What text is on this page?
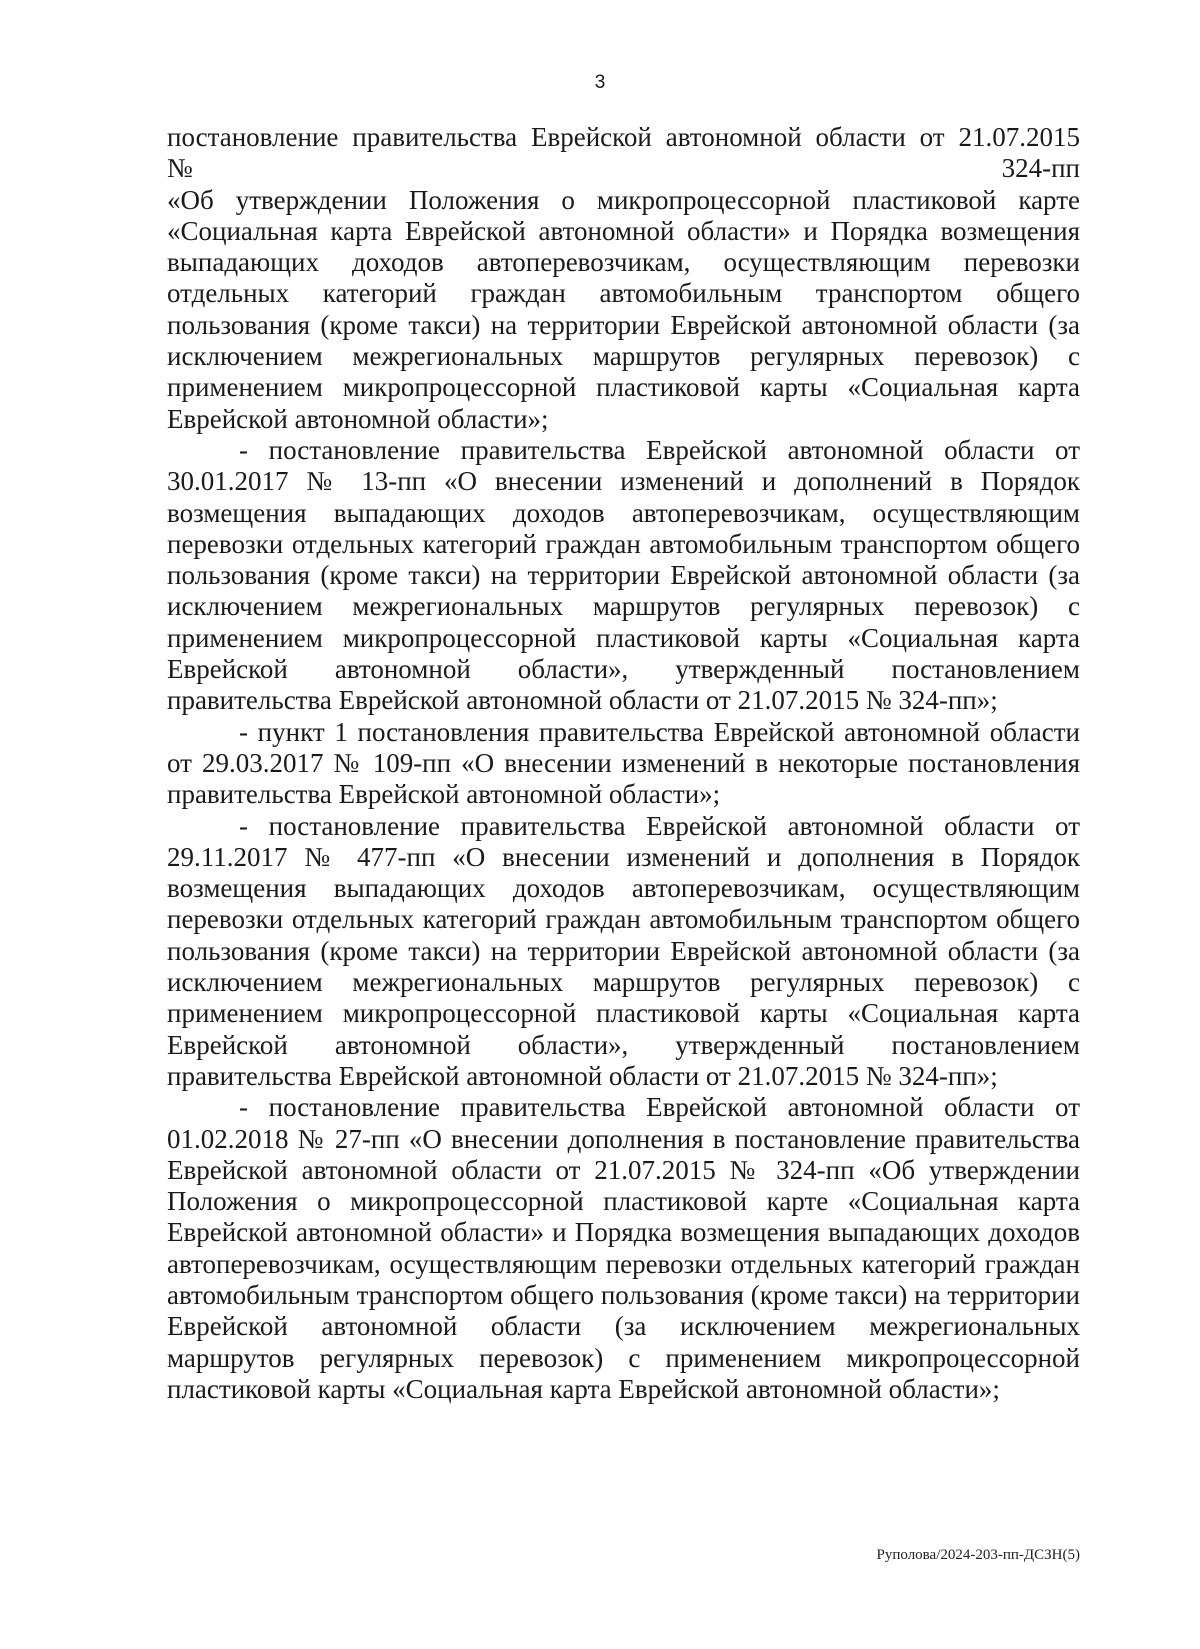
3

постановление правительства Еврейской автономной области от 21.07.2015
№ 324-пп
«Об утверждении Положения о микропроцессорной пластиковой карте «Социальная карта Еврейской автономной области» и Порядка возмещения выпадающих доходов автоперевозчикам, осуществляющим перевозки отдельных категорий граждан автомобильным транспортом общего пользования (кроме такси) на территории Еврейской автономной области (за исключением межрегиональных маршрутов регулярных перевозок) с применением микропроцессорной пластиковой карты «Социальная карта Еврейской автономной области»;

- постановление правительства Еврейской автономной области от 30.01.2017 № 13-пп «О внесении изменений и дополнений в Порядок возмещения выпадающих доходов автоперевозчикам, осуществляющим перевозки отдельных категорий граждан автомобильным транспортом общего пользования (кроме такси) на территории Еврейской автономной области (за исключением межрегиональных маршрутов регулярных перевозок) с применением микропроцессорной пластиковой карты «Социальная карта Еврейской автономной области», утвержденный постановлением правительства Еврейской автономной области от 21.07.2015 № 324-пп»;

- пункт 1 постановления правительства Еврейской автономной области от 29.03.2017 № 109-пп «О внесении изменений в некоторые постановления правительства Еврейской автономной области»;

- постановление правительства Еврейской автономной области от 29.11.2017 № 477-пп «О внесении изменений и дополнения в Порядок возмещения выпадающих доходов автоперевозчикам, осуществляющим перевозки отдельных категорий граждан автомобильным транспортом общего пользования (кроме такси) на территории Еврейской автономной области (за исключением межрегиональных маршрутов регулярных перевозок) с применением микропроцессорной пластиковой карты «Социальная карта Еврейской автономной области», утвержденный постановлением правительства Еврейской автономной области от 21.07.2015 № 324-пп»;

- постановление правительства Еврейской автономной области от 01.02.2018 № 27-пп «О внесении дополнения в постановление правительства Еврейской автономной области от 21.07.2015 № 324-пп «Об утверждении Положения о микропроцессорной пластиковой карте «Социальная карта Еврейской автономной области» и Порядка возмещения выпадающих доходов автоперевозчикам, осуществляющим перевозки отдельных категорий граждан автомобильным транспортом общего пользования (кроме такси) на территории Еврейской автономной области (за исключением межрегиональных маршрутов регулярных перевозок) с применением микропроцессорной пластиковой карты «Социальная карта Еврейской автономной области»;

Рyполова/2024-203-пп-ДСЗН(5)
